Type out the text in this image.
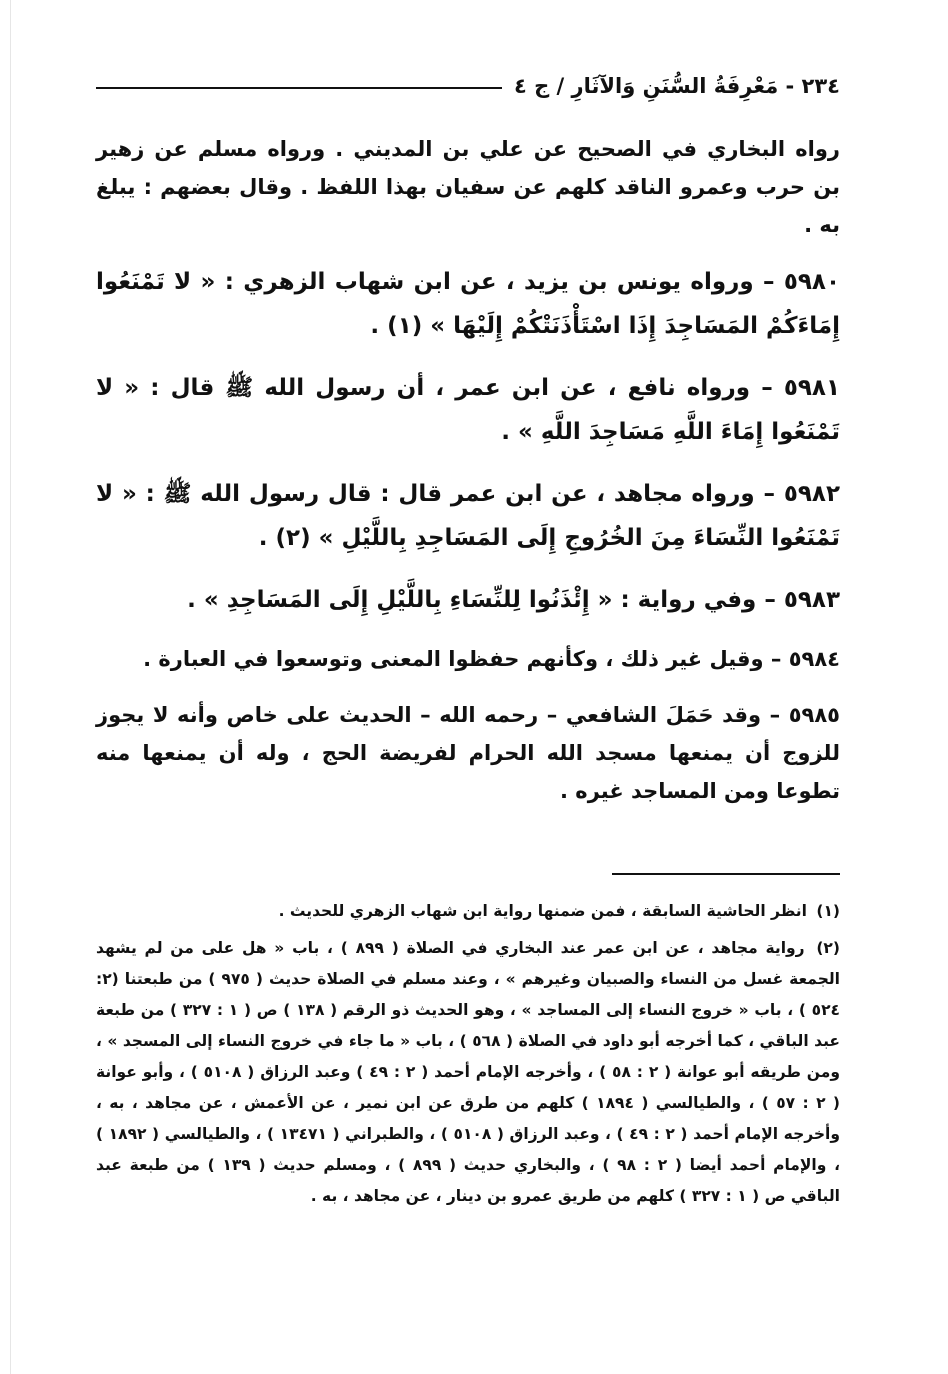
٢٣٤ - مَعْرِفَةُ السُّنَنِ وَالآثَارِ / ج ٤

رواه البخاري في الصحيح عن علي بن المديني . ورواه مسلم عن زهير بن حرب وعمرو الناقد كلهم عن سفيان بهذا اللفظ . وقال بعضهم : يبلغ به .

٥٩٨٠ – ورواه يونس بن يزيد ، عن ابن شهاب الزهري : « لا تَمْنَعُوا إِمَاءَكُمْ المَسَاجِدَ إِذَا اسْتَأْذَنَتْكُمْ إِلَيْهَا » (١) .

٥٩٨١ – ورواه نافع ، عن ابن عمر ، أن رسول الله ﷺ قال : « لا تَمْنَعُوا إِمَاءَ اللَّهِ مَسَاجِدَ اللَّهِ » .

٥٩٨٢ – ورواه مجاهد ، عن ابن عمر قال : قال رسول الله ﷺ : « لا تَمْنَعُوا النِّسَاءَ مِنَ الخُرُوجِ إِلَى المَسَاجِدِ بِاللَّيْلِ » (٢) .

٥٩٨٣ – وفي رواية : « إِئْذَنُوا لِلنِّسَاءِ بِاللَّيْلِ إِلَى المَسَاجِدِ » .

٥٩٨٤ – وقيل غير ذلك ، وكأنهم حفظوا المعنى وتوسعوا في العبارة .

٥٩٨٥ – وقد حَمَلَ الشافعي – رحمه الله – الحديث على خاص وأنه لا يجوز للزوج أن يمنعها مسجد الله الحرام لفريضة الحج ، وله أن يمنعها منه تطوعا ومن المساجد غيره .

(١) انظر الحاشية السابقة ، فمن ضمنها رواية ابن شهاب الزهري للحديث .

(٢) رواية مجاهد ، عن ابن عمر عند البخاري في الصلاة ( ٨٩٩ ) ، باب « هل على من لم يشهد الجمعة غسل من النساء والصبيان وغيرهم » ، وعند مسلم في الصلاة حديث ( ٩٧٥ ) من طبعتنا (٢: ٥٢٤ ) ، باب « خروج النساء إلى المساجد » ، وهو الحديث ذو الرقم ( ١٣٨ ) ص ( ١ : ٣٢٧ ) من طبعة عبد الباقي ، كما أخرجه أبو داود في الصلاة ( ٥٦٨ ) ، باب « ما جاء في خروج النساء إلى المسجد » ، ومن طريقه أبو عوانة ( ٢ : ٥٨ ) ، وأخرجه الإمام أحمد ( ٢ : ٤٩ ) وعبد الرزاق ( ٥١٠٨ ) ، وأبو عوانة ( ٢ : ٥٧ ) ، والطيالسي ( ١٨٩٤ ) كلهم من طرق عن ابن نمير ، عن الأعمش ، عن مجاهد ، به ، وأخرجه الإمام أحمد ( ٢ : ٤٩ ) ، وعبد الرزاق ( ٥١٠٨ ) ، والطبراني ( ١٣٤٧١ ) ، والطيالسي ( ١٨٩٢ ) ، والإمام أحمد أيضا ( ٢ : ٩٨ ) ، والبخاري حديث ( ٨٩٩ ) ، ومسلم حديث ( ١٣٩ ) من طبعة عبد الباقي ص ( ١ : ٣٢٧ ) كلهم من طريق عمرو بن دينار ، عن مجاهد ، به .
